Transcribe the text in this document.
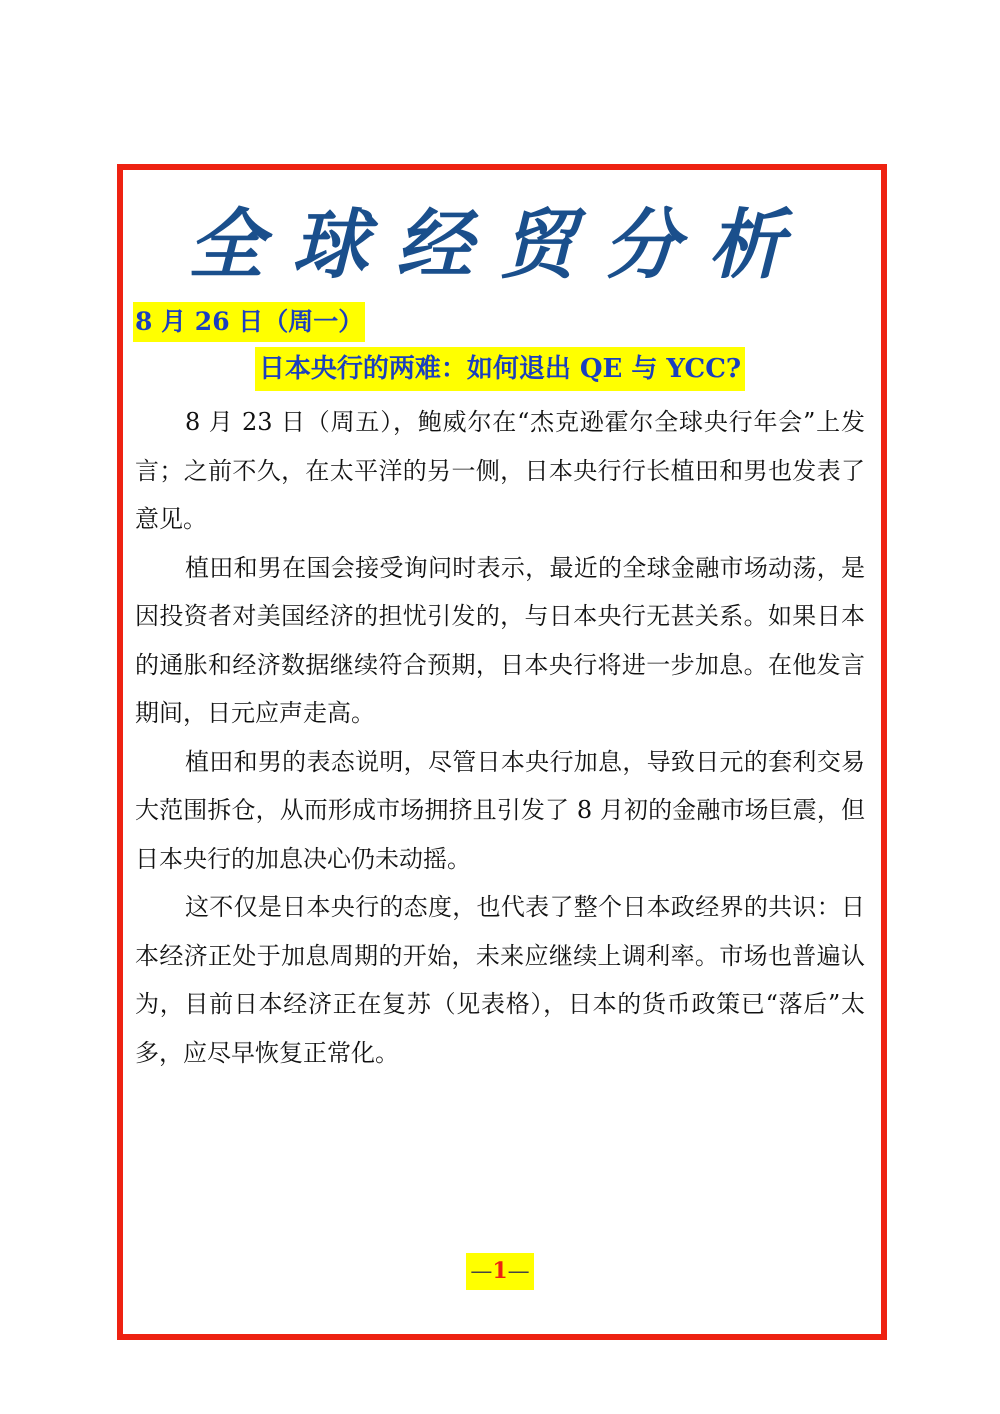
全球经贸分析
8 月 26 日（周一）
日本央行的两难：如何退出 QE 与 YCC?

8 月 23 日（周五），鲍威尔在“杰克逊霍尔全球央行年会”上发言；之前不久，在太平洋的另一侧，日本央行行长植田和男也发表了意见。

植田和男在国会接受询问时表示，最近的全球金融市场动荡，是因投资者对美国经济的担忧引发的，与日本央行无甚关系。如果日本的通胀和经济数据继续符合预期，日本央行将进一步加息。在他发言期间，日元应声走高。

植田和男的表态说明，尽管日本央行加息，导致日元的套利交易大范围拆仓，从而形成市场拥挤且引发了 8 月初的金融市场巨震，但日本央行的加息决心仍未动摇。

这不仅是日本央行的态度，也代表了整个日本政经界的共识：日本经济正处于加息周期的开始，未来应继续上调利率。市场也普遍认为，目前日本经济正在复苏（见表格），日本的货币政策已“落后”太多，应尽早恢复正常化。

—1—
